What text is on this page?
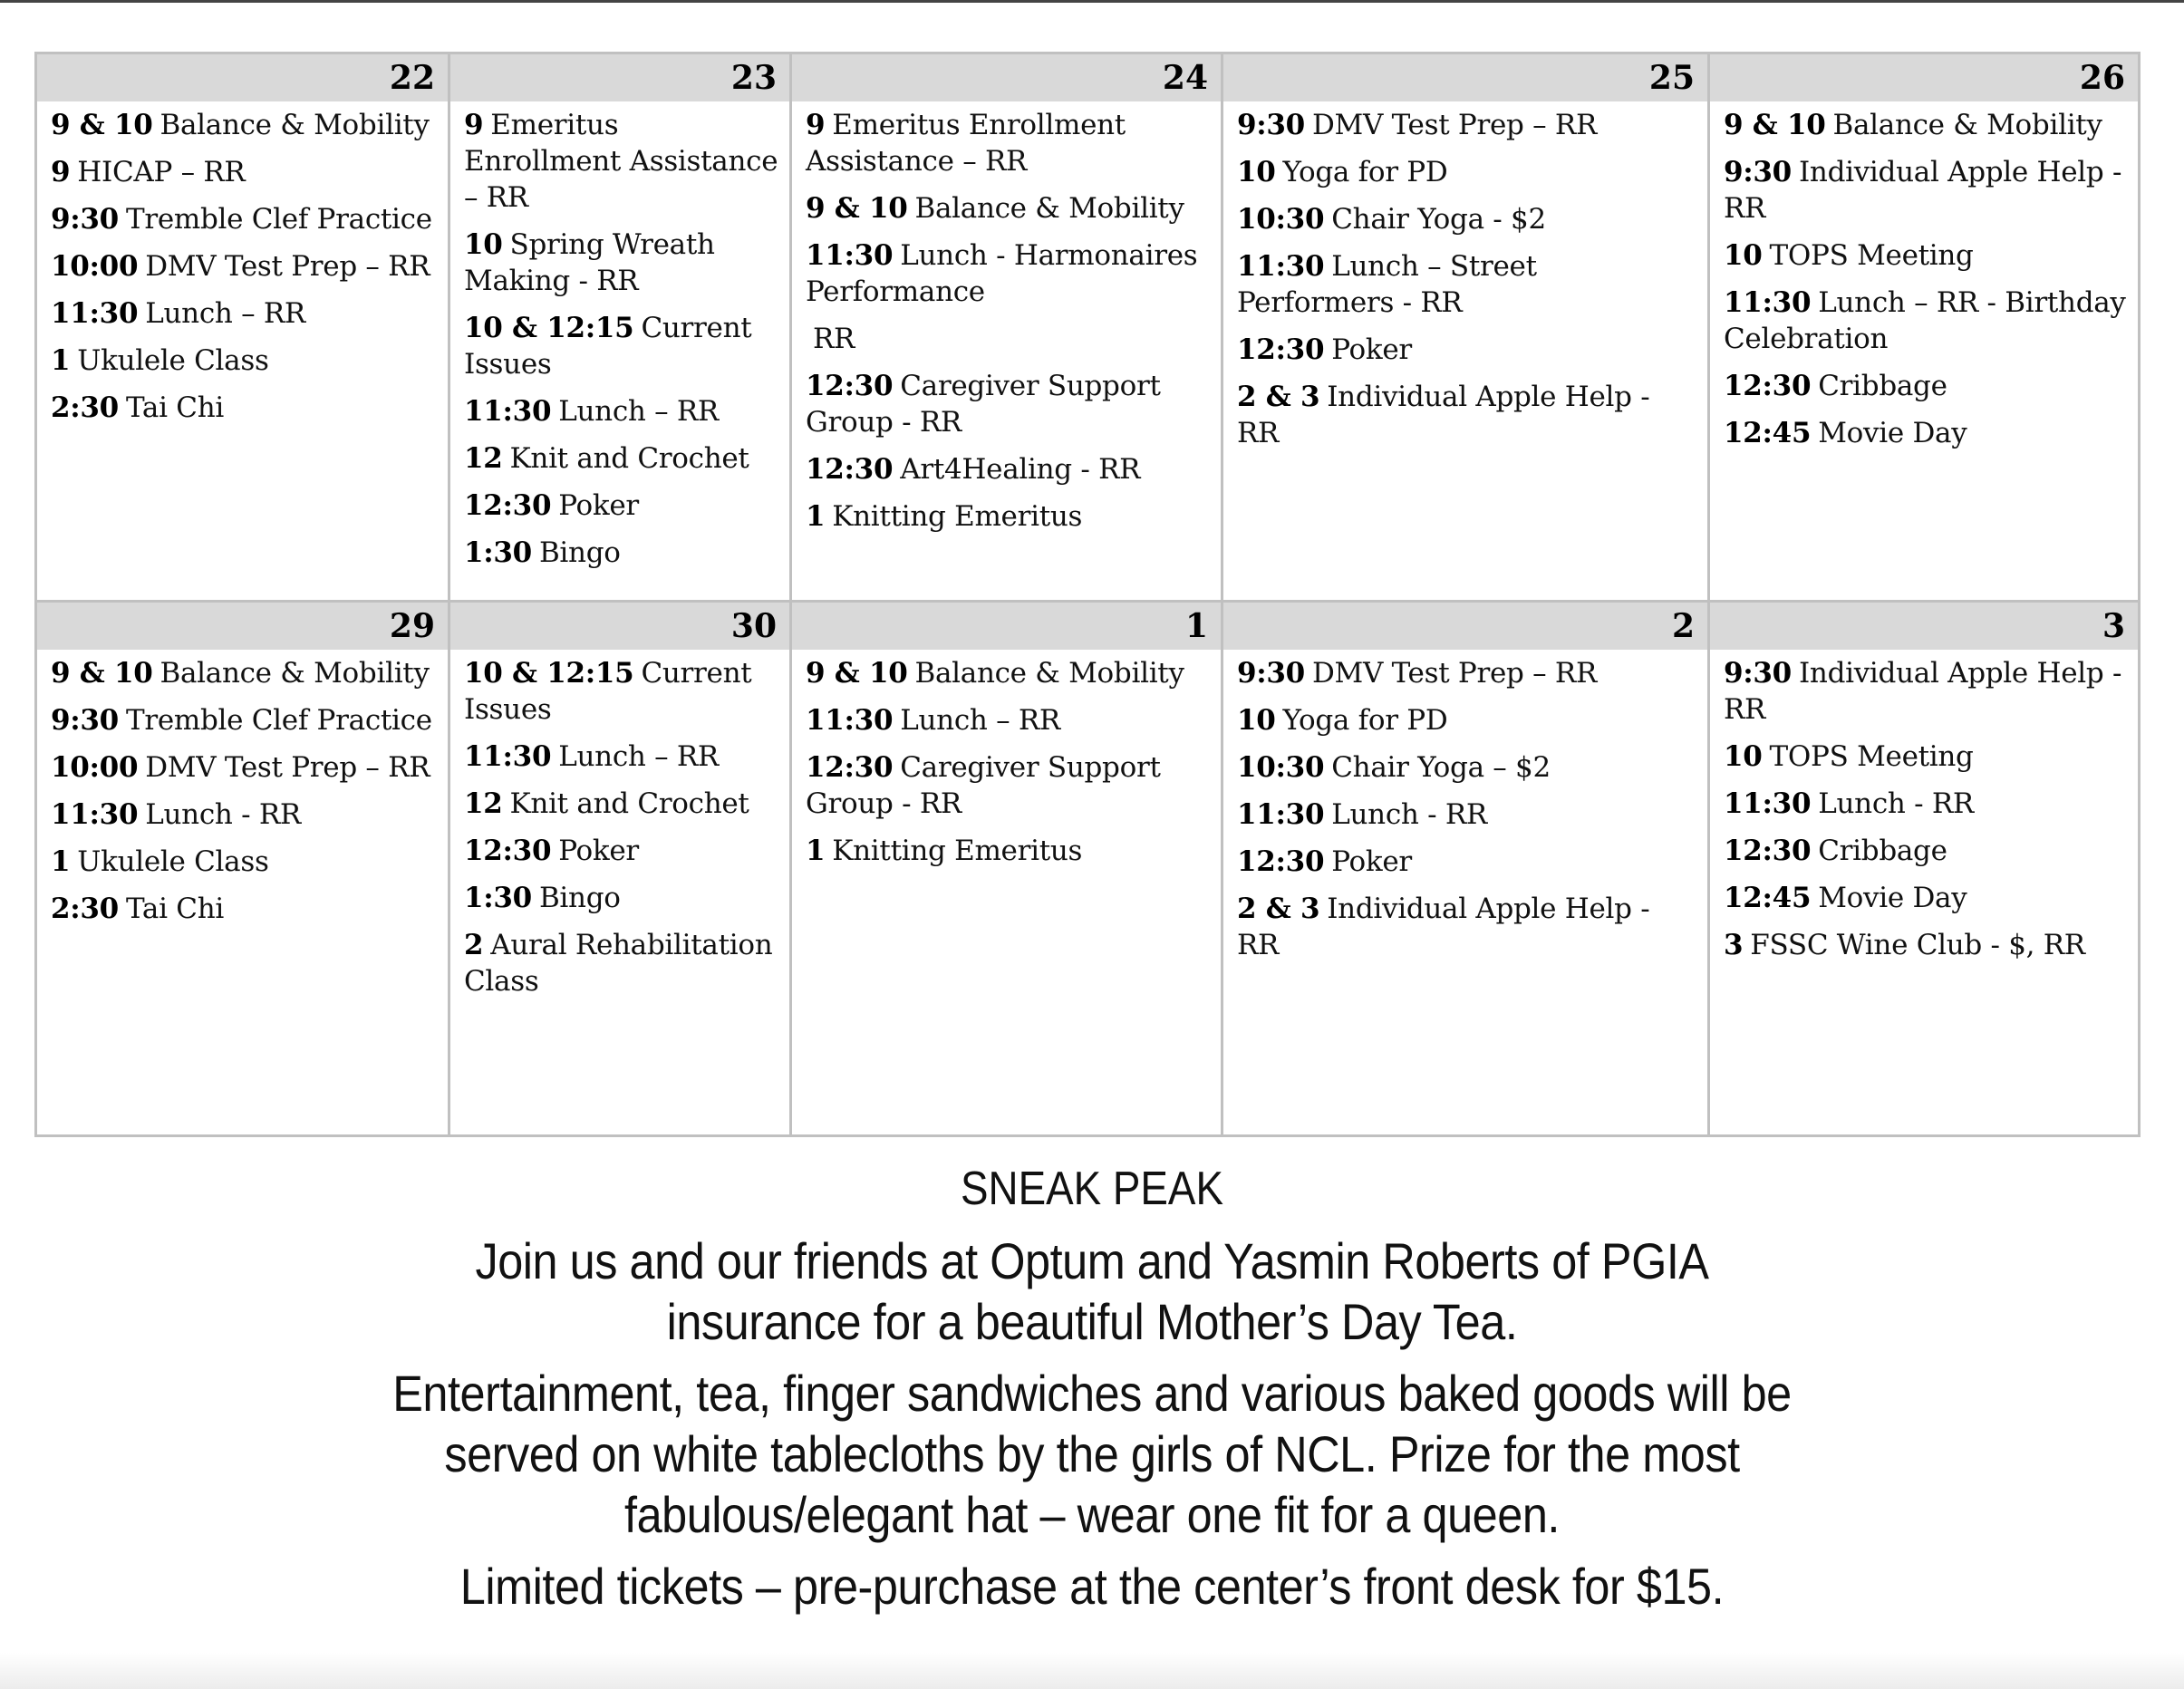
22
9 & 10 Balance & Mobility
9 HICAP – RR
9:30 Tremble Clef Practice
10:00 DMV Test Prep – RR
11:30 Lunch – RR
1 Ukulele Class
2:30 Tai Chi
23
9 Emeritus Enrollment Assistance – RR
10 Spring Wreath Making - RR
10 & 12:15 Current Issues
11:30 Lunch – RR
12 Knit and Crochet
12:30 Poker
1:30 Bingo
24
9 Emeritus Enrollment Assistance – RR
9 & 10 Balance & Mobility
11:30 Lunch - Harmonaires Performance
RR
12:30 Caregiver Support Group - RR
12:30 Art4Healing - RR
1 Knitting Emeritus
25
9:30 DMV Test Prep – RR
10 Yoga for PD
10:30 Chair Yoga - $2
11:30 Lunch – Street Performers - RR
12:30 Poker
2 & 3 Individual Apple Help - RR
26
9 & 10 Balance & Mobility
9:30 Individual Apple Help - RR
10 TOPS Meeting
11:30 Lunch – RR - Birthday Celebration
12:30 Cribbage
12:45 Movie Day
29
9 & 10 Balance & Mobility
9:30 Tremble Clef Practice
10:00 DMV Test Prep – RR
11:30 Lunch - RR
1 Ukulele Class
2:30 Tai Chi
30
10 & 12:15 Current Issues
11:30 Lunch – RR
12 Knit and Crochet
12:30 Poker
1:30 Bingo
2 Aural Rehabilitation Class
1
9 & 10 Balance & Mobility
11:30 Lunch – RR
12:30 Caregiver Support Group - RR
1 Knitting Emeritus
2
9:30 DMV Test Prep – RR
10 Yoga for PD
10:30 Chair Yoga – $2
11:30 Lunch - RR
12:30 Poker
2 & 3 Individual Apple Help - RR
3
9:30 Individual Apple Help - RR
10 TOPS Meeting
11:30 Lunch - RR
12:30 Cribbage
12:45 Movie Day
3 FSSC Wine Club - $, RR
SNEAK PEAK

Join us and our friends at Optum and Yasmin Roberts of PGIA insurance for a beautiful Mother’s Day Tea.

Entertainment, tea, finger sandwiches and various baked goods will be served on white tablecloths by the girls of NCL. Prize for the most fabulous/elegant hat – wear one fit for a queen.

Limited tickets – pre-purchase at the center’s front desk for $15.
